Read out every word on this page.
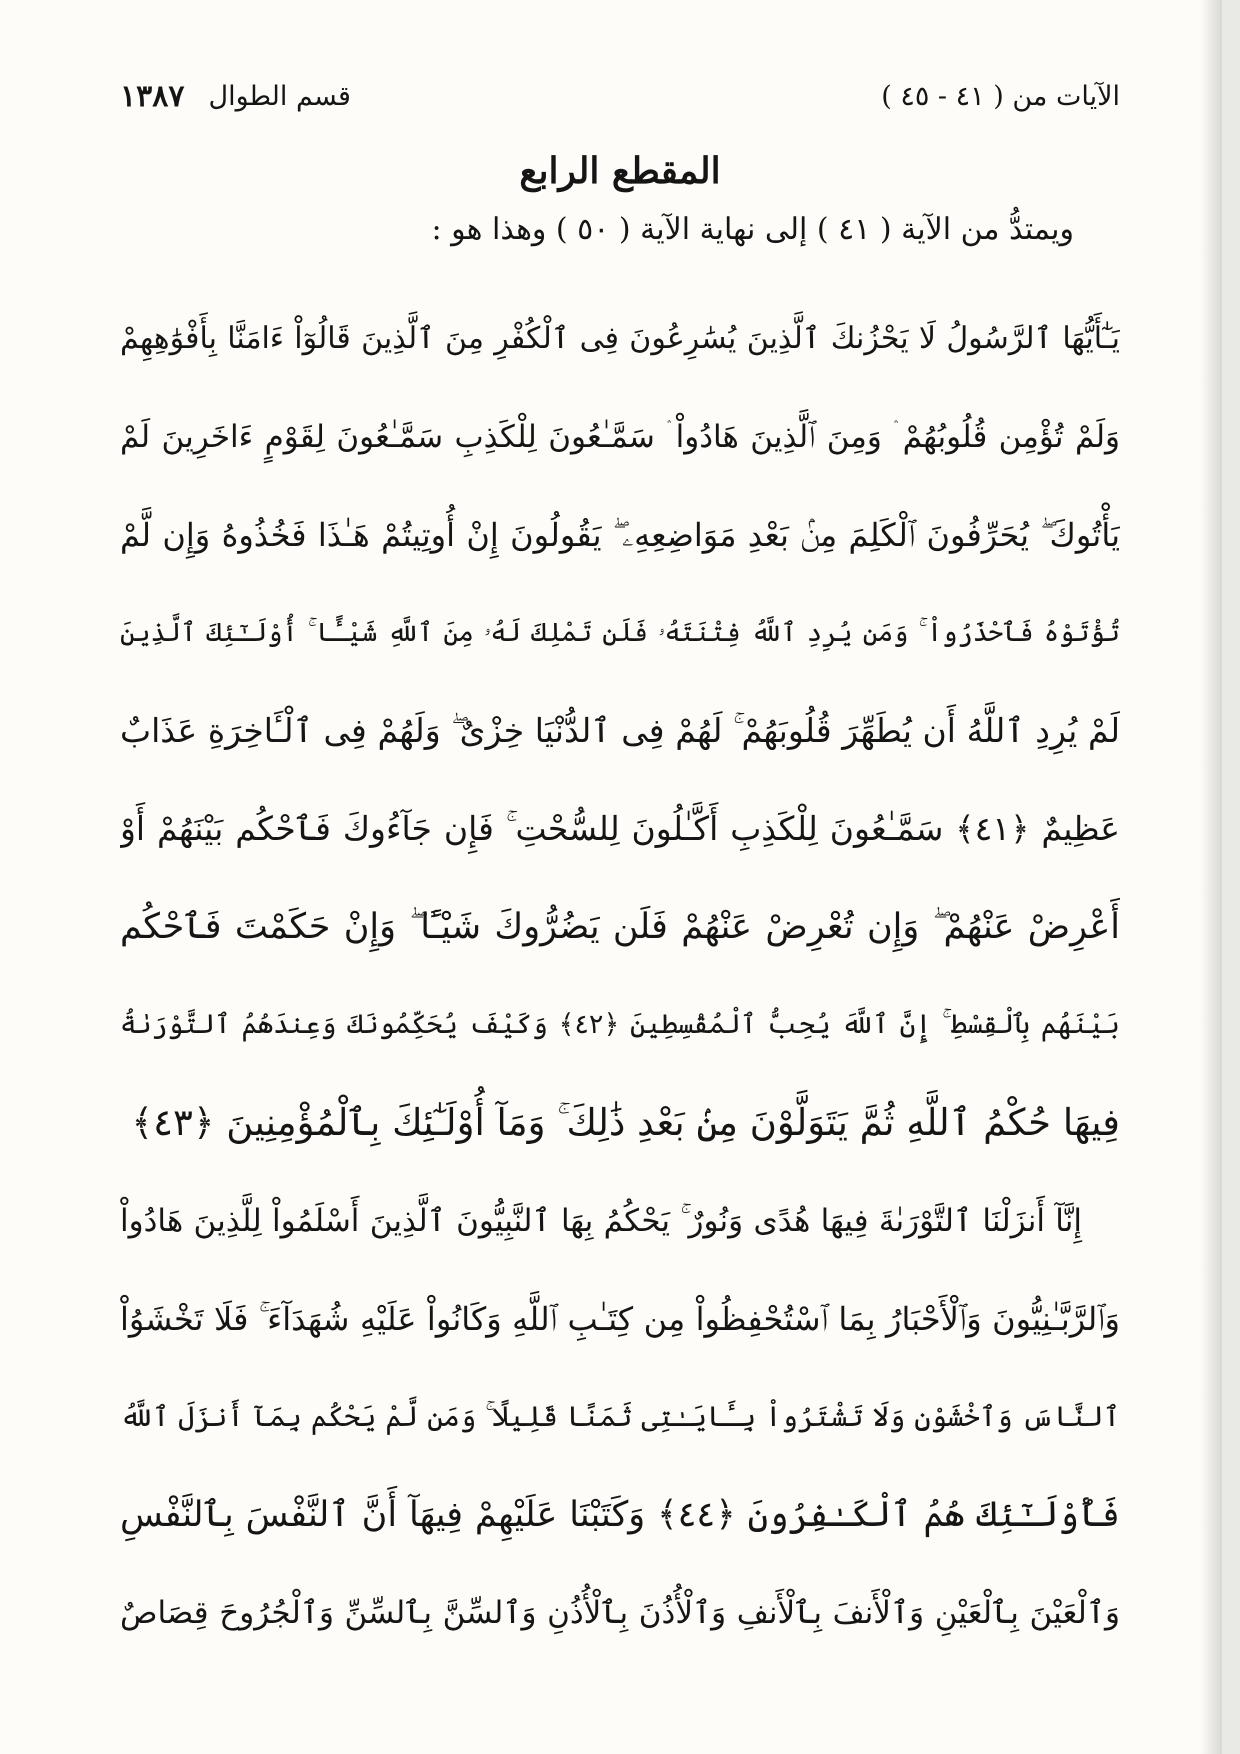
الآيات من ( ٤١ - ٤٥ )
قسم الطوال
١٣٨٧
المقطع الرابع
ويمتدُّ من الآية ( ٤١ ) إلى نهاية الآية ( ٥٠ ) وهذا هو :
يَـٰٓأَيُّهَا ٱلرَّسُولُ لَا يَحْزُنكَ ٱلَّذِينَ يُسَٰرِعُونَ فِى ٱلْكُفْرِ مِنَ ٱلَّذِينَ قَالُوٓاْ ءَامَنَّا بِأَفْوَٰهِهِمْ
وَلَمْ تُؤْمِن قُلُوبُهُمْ ۛ وَمِنَ ٱلَّذِينَ هَادُواْ ۛ سَمَّـٰعُونَ لِلْكَذِبِ سَمَّـٰعُونَ لِقَوْمٍ ءَاخَرِينَ لَمْ
يَأْتُوكَ ۖ يُحَرِّفُونَ ٱلْكَلِمَ مِنۢ بَعْدِ مَوَاضِعِهِۦ ۖ يَقُولُونَ إِنْ أُوتِيتُمْ هَـٰذَا فَخُذُوهُ وَإِن لَّمْ
تُؤْتَوْهُ فَٱحْذَرُواْ ۚ وَمَن يُرِدِ ٱللَّهُ فِتْنَتَهُۥ فَلَن تَمْلِكَ لَهُۥ مِنَ ٱللَّهِ شَيْـًٔا ۚ أُوْلَـٰٓئِكَ ٱلَّذِينَ
لَمْ يُرِدِ ٱللَّهُ أَن يُطَهِّرَ قُلُوبَهُمْ ۚ لَهُمْ فِى ٱلدُّنْيَا خِزْىٌ ۖ وَلَهُمْ فِى ٱلْـَٔاخِرَةِ عَذَابٌ
عَظِيمٌ ﴿٤١﴾ سَمَّـٰعُونَ لِلْكَذِبِ أَكَّـٰلُونَ لِلسُّحْتِ ۚ فَإِن جَآءُوكَ فَٱحْكُم بَيْنَهُمْ أَوْ
أَعْرِضْ عَنْهُمْ ۖ وَإِن تُعْرِضْ عَنْهُمْ فَلَن يَضُرُّوكَ شَيْـًٔا ۖ وَإِنْ حَكَمْتَ فَٱحْكُم
بَيْنَهُم بِٱلْقِسْطِ ۚ إِنَّ ٱللَّهَ يُحِبُّ ٱلْمُقْسِطِينَ ﴿٤٢﴾ وَكَيْفَ يُحَكِّمُونَكَ وَعِندَهُمُ ٱلتَّوْرَىٰةُ
فِيهَا حُكْمُ ٱللَّهِ ثُمَّ يَتَوَلَّوْنَ مِنۢ بَعْدِ ذَٰلِكَ ۚ وَمَآ أُوْلَـٰٓئِكَ بِٱلْمُؤْمِنِينَ ﴿٤٣﴾
إِنَّآ أَنزَلْنَا ٱلتَّوْرَىٰةَ فِيهَا هُدًى وَنُورٌ ۚ يَحْكُمُ بِهَا ٱلنَّبِيُّونَ ٱلَّذِينَ أَسْلَمُواْ لِلَّذِينَ هَادُواْ
وَٱلرَّبَّـٰنِيُّونَ وَٱلْأَحْبَارُ بِمَا ٱسْتُحْفِظُواْ مِن كِتَـٰبِ ٱللَّهِ وَكَانُواْ عَلَيْهِ شُهَدَآءَ ۚ فَلَا تَخْشَوُاْ
ٱلنَّاسَ وَٱخْشَوْنِ وَلَا تَشْتَرُواْ بِـَٔايَـٰتِى ثَمَنًا قَلِيلًا ۚ وَمَن لَّمْ يَحْكُم بِمَآ أَنزَلَ ٱللَّهُ
فَأُوْلَـٰٓئِكَ هُمُ ٱلْكَـٰفِرُونَ ﴿٤٤﴾ وَكَتَبْنَا عَلَيْهِمْ فِيهَآ أَنَّ ٱلنَّفْسَ بِٱلنَّفْسِ
وَٱلْعَيْنَ بِٱلْعَيْنِ وَٱلْأَنفَ بِٱلْأَنفِ وَٱلْأُذُنَ بِٱلْأُذُنِ وَٱلسِّنَّ بِٱلسِّنِّ وَٱلْجُرُوحَ قِصَاصٌ
